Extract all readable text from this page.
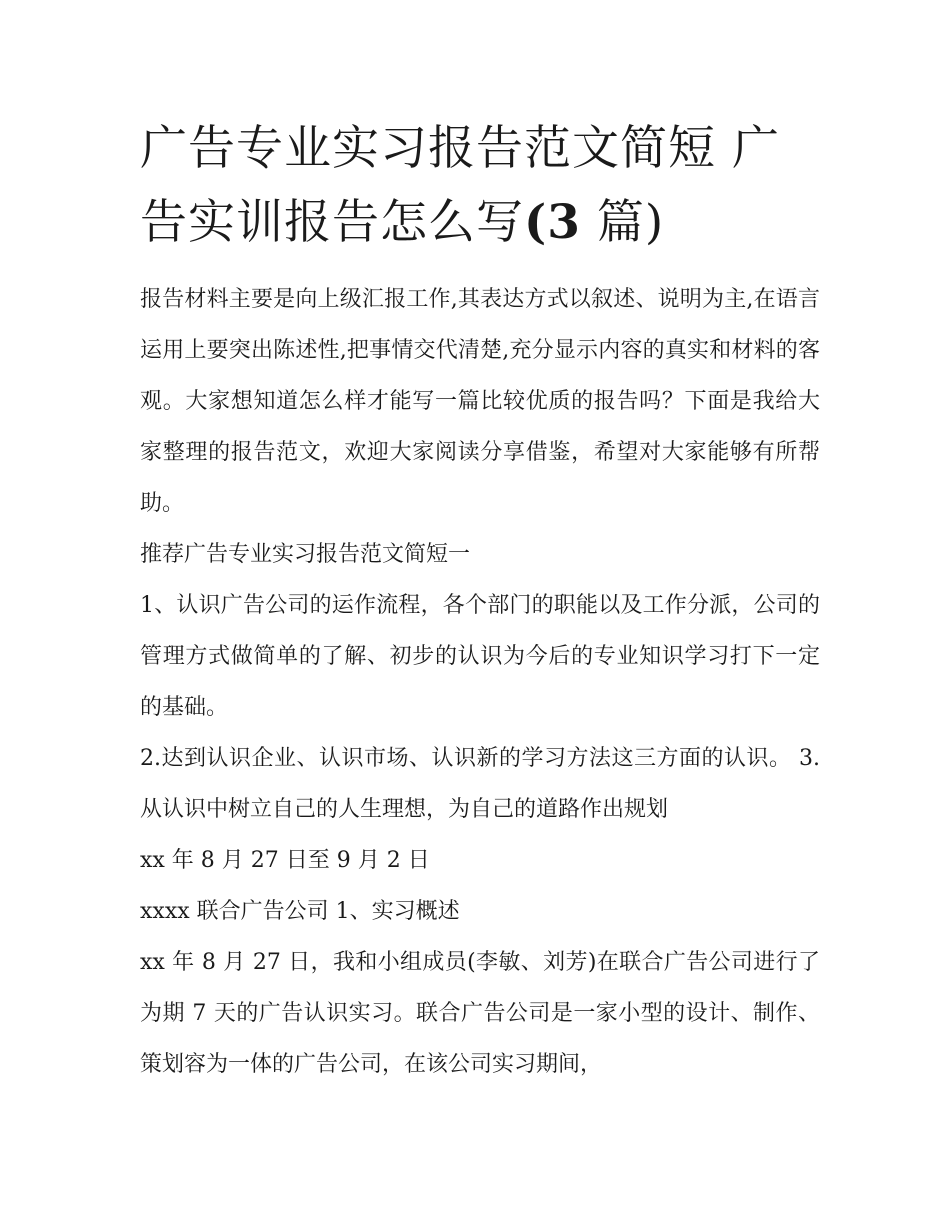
广告专业实习报告范文简短 广告实训报告怎么写(3 篇)

报告材料主要是向上级汇报工作,其表达方式以叙述、说明为主,在语言运用上要突出陈述性,把事情交代清楚,充分显示内容的真实和材料的客观。大家想知道怎么样才能写一篇比较优质的报告吗？下面是我给大家整理的报告范文，欢迎大家阅读分享借鉴，希望对大家能够有所帮助。

推荐广告专业实习报告范文简短一

1、认识广告公司的运作流程，各个部门的职能以及工作分派，公司的管理方式做简单的了解、初步的认识为今后的专业知识学习打下一定的基础。

2.达到认识企业、认识市场、认识新的学习方法这三方面的认识。 3.从认识中树立自己的人生理想，为自己的道路作出规划

xx 年 8 月 27 日至 9 月 2 日

xxxx 联合广告公司 1、实习概述

xx 年 8 月 27 日，我和小组成员(李敏、刘芳)在联合广告公司进行了为期 7 天的广告认识实习。联合广告公司是一家小型的设计、制作、策划容为一体的广告公司，在该公司实习期间，
